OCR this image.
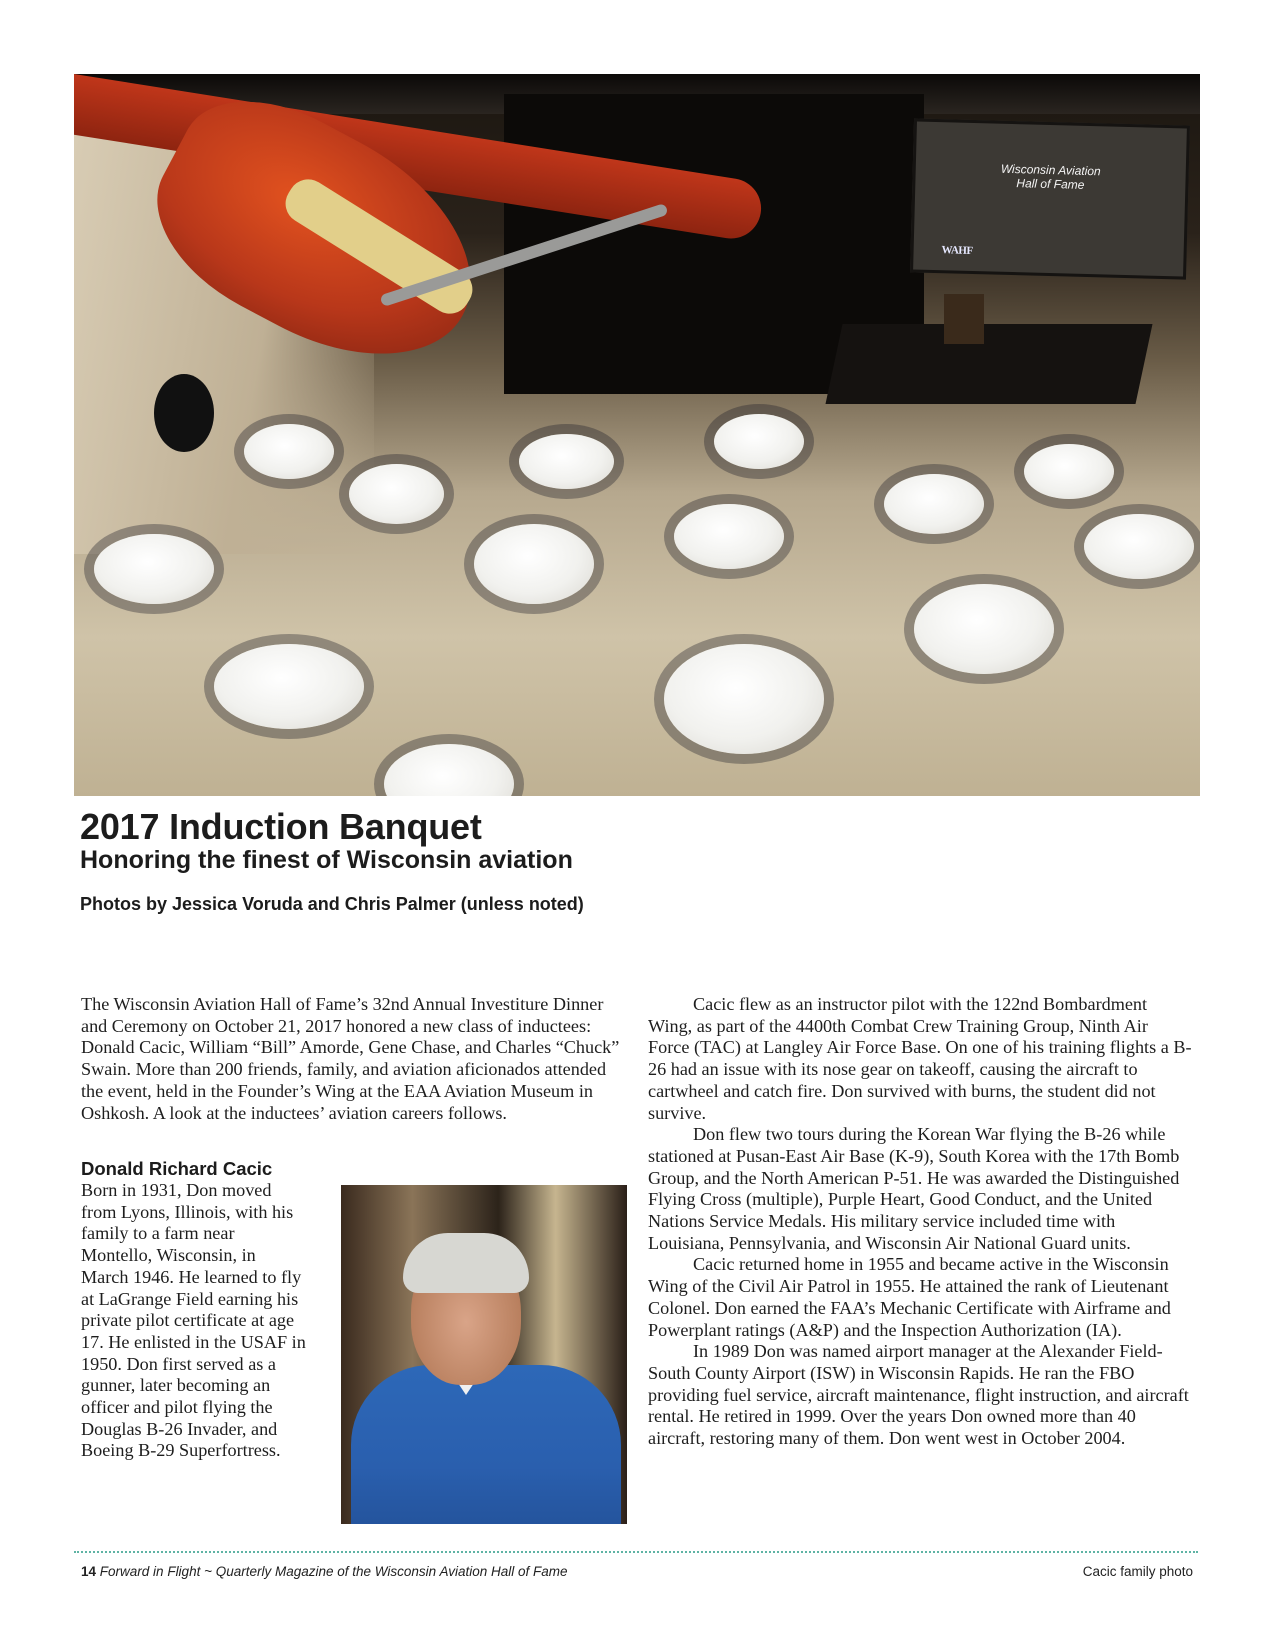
Wisconsin Aviation
Hall of Fame
WAHF
2017 Induction Banquet
Honoring the finest of Wisconsin aviation
Photos by Jessica Voruda and Chris Palmer (unless noted)

The Wisconsin Aviation Hall of Fame’s 32nd Annual Investiture Dinner and Ceremony on October 21, 2017 honored a new class of inductees: Donald Cacic, William “Bill” Amorde, Gene Chase, and Charles “Chuck” Swain. More than 200 friends, family, and aviation aficionados attended the event, held in the Founder’s Wing at the EAA Aviation Museum in Oshkosh. A look at the inductees’ aviation careers follows.

Donald Richard Cacic

Born in 1931, Don moved from Lyons, Illinois, with his family to a farm near Montello, Wisconsin, in March 1946. He learned to fly at LaGrange Field earning his private pilot certificate at age 17. He enlisted in the USAF in 1950. Don first served as a gunner, later becoming an officer and pilot flying the Douglas B-26 Invader, and Boeing B-29 Superfortress.

Cacic flew as an instructor pilot with the 122nd Bombardment Wing, as part of the 4400th Combat Crew Training Group, Ninth Air Force (TAC) at Langley Air Force Base. On one of his training flights a B-26 had an issue with its nose gear on takeoff, causing the aircraft to cartwheel and catch fire. Don survived with burns, the student did not survive.

Don flew two tours during the Korean War flying the B-26 while stationed at Pusan-East Air Base (K-9), South Korea with the 17th Bomb Group, and the North American P-51. He was awarded the Distinguished Flying Cross (multiple), Purple Heart, Good Conduct, and the United Nations Service Medals. His military service included time with Louisiana, Pennsylvania, and Wisconsin Air National Guard units.

Cacic returned home in 1955 and became active in the Wisconsin Wing of the Civil Air Patrol in 1955. He attained the rank of Lieutenant Colonel. Don earned the FAA’s Mechanic Certificate with Airframe and Powerplant ratings (A&P) and the Inspection Authorization (IA).

In 1989 Don was named airport manager at the Alexander Field-South County Airport (ISW) in Wisconsin Rapids. He ran the FBO providing fuel service, aircraft maintenance, flight instruction, and aircraft rental. He retired in 1999. Over the years Don owned more than 40 aircraft, restoring many of them. Don went west in October 2004.

14 Forward in Flight ~ Quarterly Magazine of the Wisconsin Aviation Hall of Fame	Cacic family photo
